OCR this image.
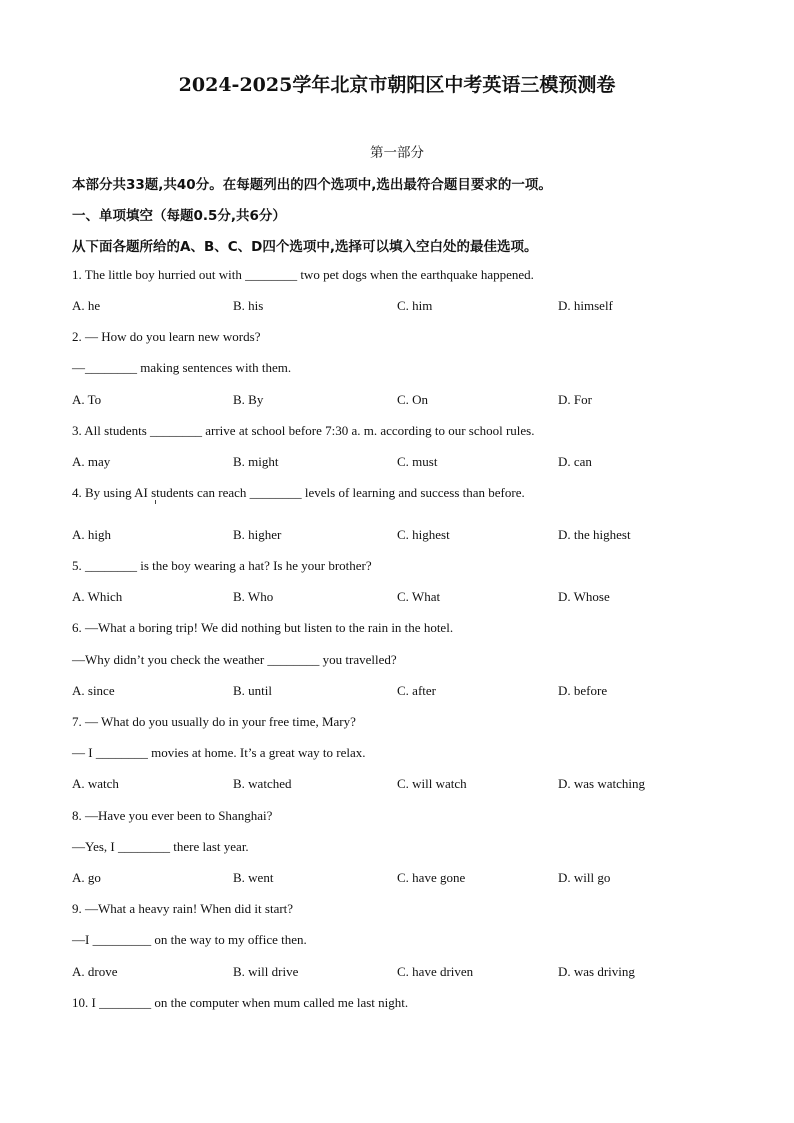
2024-2025学年北京市朝阳区中考英语三模预测卷
第一部分
本部分共33题,共40分。在每题列出的四个选项中,选出最符合题目要求的一项。
一、单项填空（每题0.5分,共6分）
从下面各题所给的A、B、C、D四个选项中,选择可以填入空白处的最佳选项。
1. The little boy hurried out with ________ two pet dogs when the earthquake happened.
A. he	B. his	C. him	D. himself
2. — How do you learn new words?
—________ making sentences with them.
A. To	B. By	C. On	D. For
3. All students ________ arrive at school before 7:30 a. m. according to our school rules.
A. may	B. might	C. must	D. can
4. By using AI students can reach ________ levels of learning and success than before.
A. high	B. higher	C. highest	D. the highest
5. ________ is the boy wearing a hat? Is he your brother?
A. Which	B. Who	C. What	D. Whose
6. —What a boring trip! We did nothing but listen to the rain in the hotel.
—Why didn’t you check the weather ________ you travelled?
A. since	B. until	C. after	D. before
7. — What do you usually do in your free time, Mary?
— I ________ movies at home. It’s a great way to relax.
A. watch	B. watched	C. will watch	D. was watching
8. —Have you ever been to Shanghai?
—Yes, I ________ there last year.
A. go	B. went	C. have gone	D. will go
9. —What a heavy rain! When did it start?
—I _________ on the way to my office then.
A. drove	B. will drive	C. have driven	D. was driving
10. I ________ on the computer when mum called me last night.
